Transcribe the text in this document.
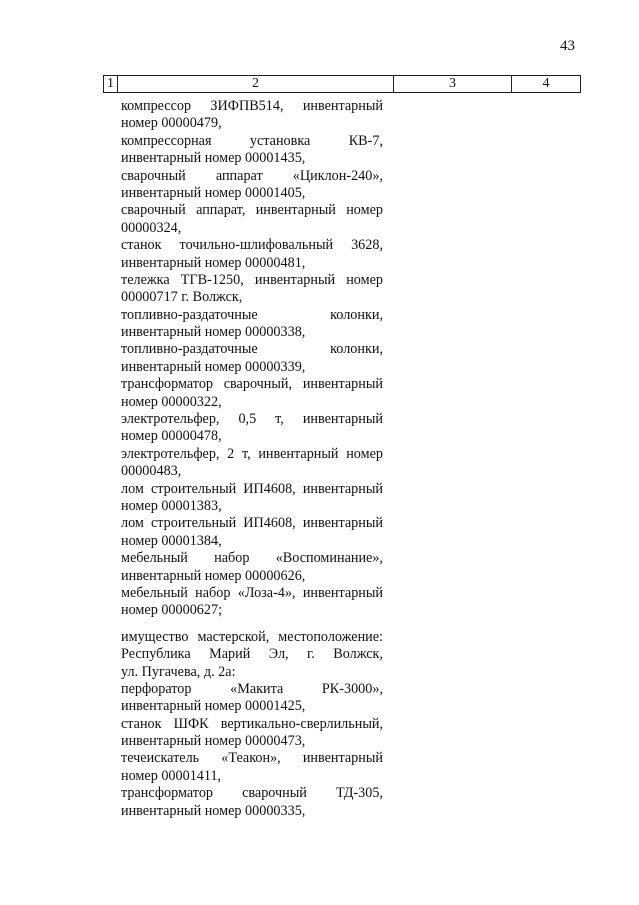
43
1	2	3	4
компрессор ЗИФПВ514, инвентарный
номер 00000479,
компрессорная установка КВ-7,
инвентарный номер 00001435,
сварочный аппарат «Циклон-240»,
инвентарный номер 00001405,
сварочный аппарат, инвентарный номер
00000324,
станок точильно-шлифовальный 3628,
инвентарный номер 00000481,
тележка ТГВ-1250, инвентарный номер
00000717 г. Волжск,
топливно-раздаточные колонки,
инвентарный номер 00000338,
топливно-раздаточные колонки,
инвентарный номер 00000339,
трансформатор сварочный, инвентарный
номер 00000322,
электротельфер, 0,5 т, инвентарный
номер 00000478,
электротельфер, 2 т, инвентарный номер
00000483,
лом строительный ИП4608, инвентарный
номер 00001383,
лом строительный ИП4608, инвентарный
номер 00001384,
мебельный набор «Воспоминание»,
инвентарный номер 00000626,
мебельный набор «Лоза-4», инвентарный
номер 00000627;
имущество мастерской, местоположение:
Республика Марий Эл, г. Волжск,
ул. Пугачева, д. 2а:
перфоратор «Макита РК-3000»,
инвентарный номер 00001425,
станок ШФК вертикально-сверлильный,
инвентарный номер 00000473,
течеискатель «Теакон», инвентарный
номер 00001411,
трансформатор сварочный ТД-305,
инвентарный номер 00000335,
